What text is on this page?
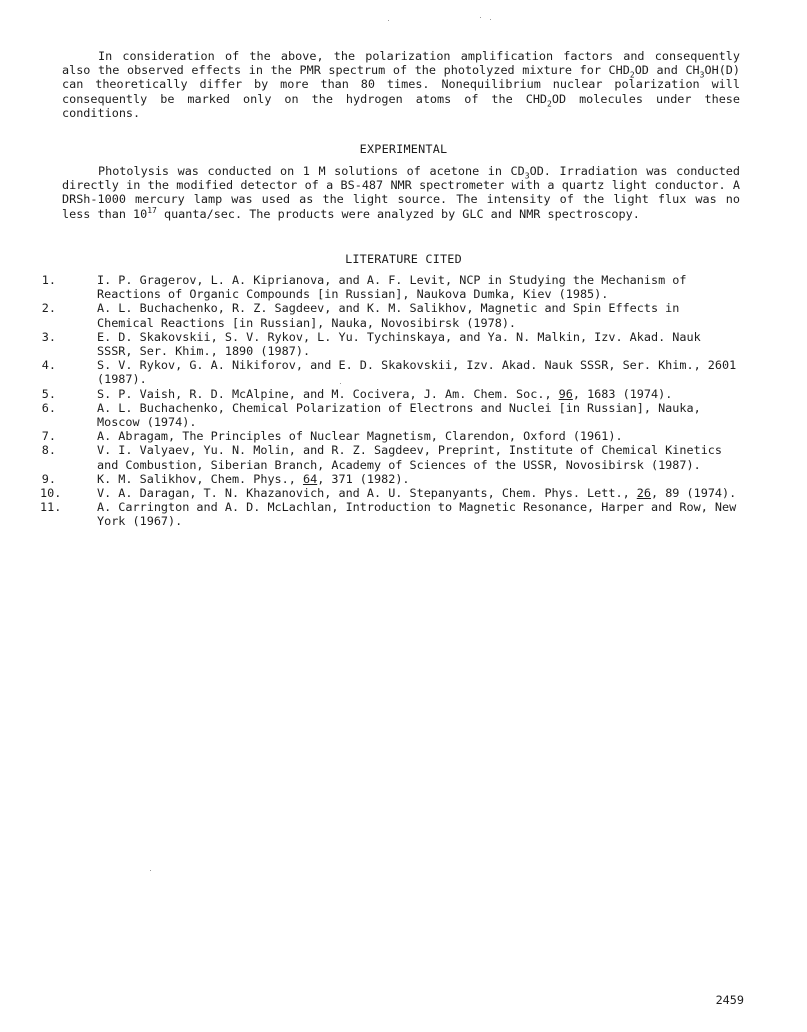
In consideration of the above, the polarization amplification factors and consequently also the observed effects in the PMR spectrum of the photolyzed mixture for $CHD_2OD$ and $CH_3OH(D)$ can theoretically differ by more than 80 times. Nonequilibrium nuclear polarization will consequently be marked only on the hydrogen atoms of the $CHD_2OD$ molecules under these conditions.

EXPERIMENTAL

Photolysis was conducted on 1 M solutions of acetone in $CD_3OD$. Irradiation was conducted directly in the modified detector of a BS-487 NMR spectrometer with a quartz light conductor. A DRSh-1000 mercury lamp was used as the light source. The intensity of the light flux was no less than $10^{17}$ quanta/sec. The products were analyzed by GLC and NMR spectroscopy.

LITERATURE CITED

1.	I. P. Gragerov, L. A. Kiprianova, and A. F. Levit, NCP in Studying the Mechanism of Reactions of Organic Compounds [in Russian], Naukova Dumka, Kiev (1985).
2.	A. L. Buchachenko, R. Z. Sagdeev, and K. M. Salikhov, Magnetic and Spin Effects in Chemical Reactions [in Russian], Nauka, Novosibirsk (1978).
3.	E. D. Skakovskii, S. V. Rykov, L. Yu. Tychinskaya, and Ya. N. Malkin, Izv. Akad. Nauk SSSR, Ser. Khim., 1890 (1987).
4.	S. V. Rykov, G. A. Nikiforov, and E. D. Skakovskii, Izv. Akad. Nauk SSSR, Ser. Khim., 2601 (1987).
5.	S. P. Vaish, R. D. McAlpine, and M. Cocivera, J. Am. Chem. Soc., 96, 1683 (1974).
6.	A. L. Buchachenko, Chemical Polarization of Electrons and Nuclei [in Russian], Nauka, Moscow (1974).
7.	A. Abragam, The Principles of Nuclear Magnetism, Clarendon, Oxford (1961).
8.	V. I. Valyaev, Yu. N. Molin, and R. Z. Sagdeev, Preprint, Institute of Chemical Kinetics and Combustion, Siberian Branch, Academy of Sciences of the USSR, Novosibirsk (1987).
9.	K. M. Salikhov, Chem. Phys., 64, 371 (1982).
10.	V. A. Daragan, T. N. Khazanovich, and A. U. Stepanyants, Chem. Phys. Lett., 26, 89 (1974).
11.	A. Carrington and A. D. McLachlan, Introduction to Magnetic Resonance, Harper and Row, New York (1967).
2459
